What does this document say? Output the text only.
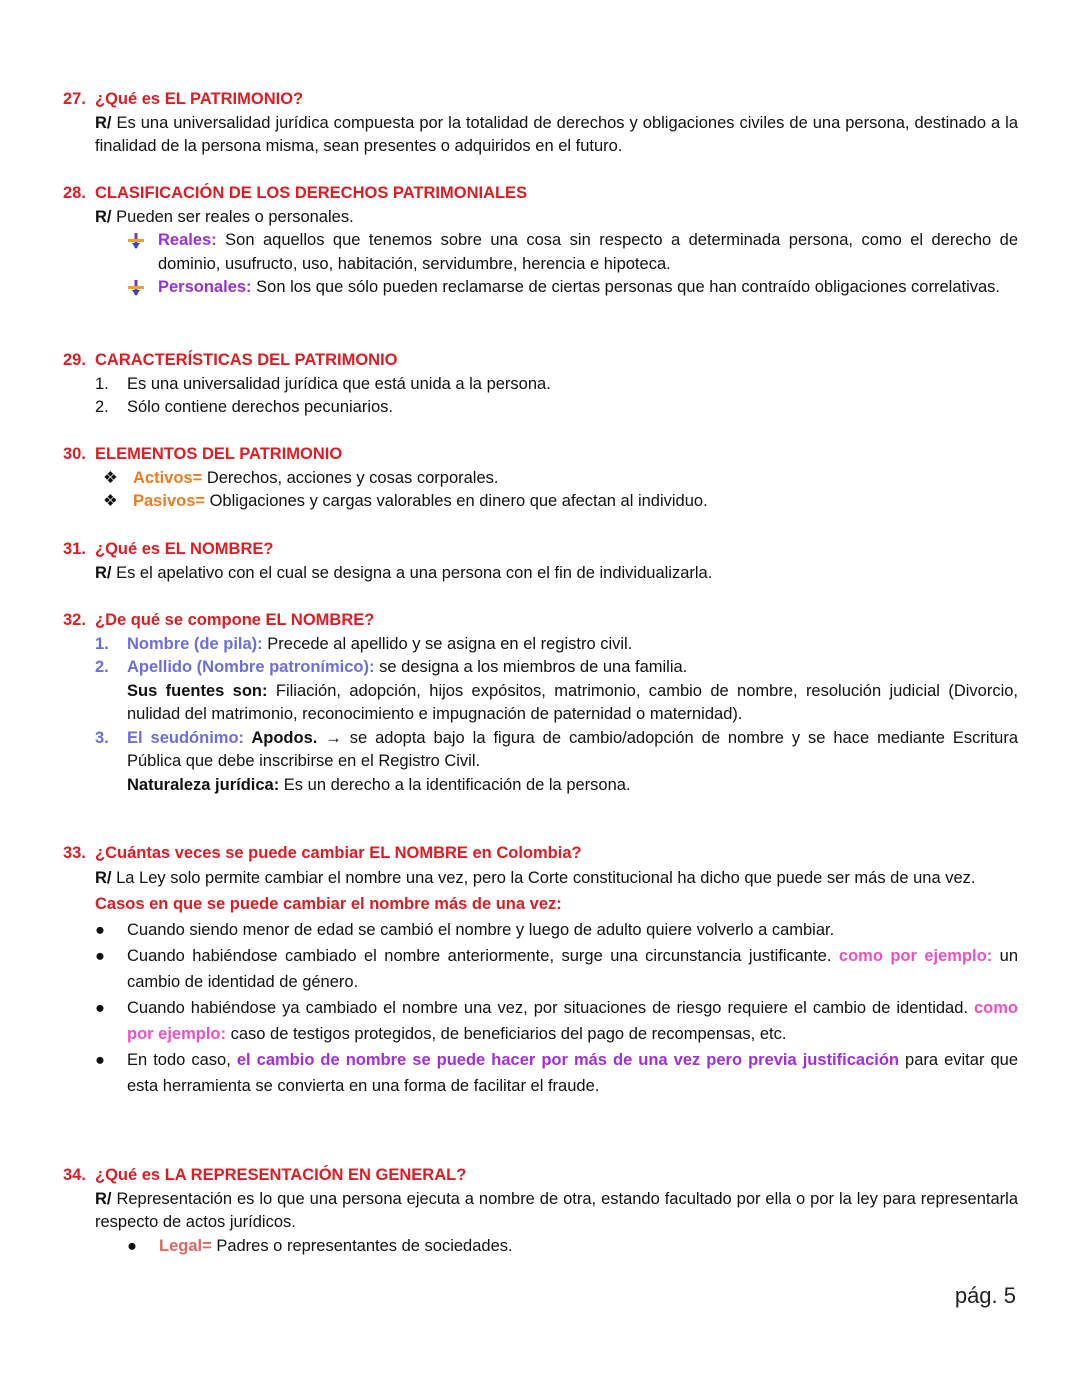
27. ¿Qué es EL PATRIMONIO?
R/ Es una universalidad jurídica compuesta por la totalidad de derechos y obligaciones civiles de una persona, destinado a la finalidad de la persona misma, sean presentes o adquiridos en el futuro.
28. CLASIFICACIÓN DE LOS DERECHOS PATRIMONIALES
R/ Pueden ser reales o personales.
Reales: Son aquellos que tenemos sobre una cosa sin respecto a determinada persona, como el derecho de dominio, usufructo, uso, habitación, servidumbre, herencia e hipoteca.
Personales: Son los que sólo pueden reclamarse de ciertas personas que han contraído obligaciones correlativas.
29. CARACTERÍSTICAS DEL PATRIMONIO
1. Es una universalidad jurídica que está unida a la persona.
2. Sólo contiene derechos pecuniarios.
30. ELEMENTOS DEL PATRIMONIO
❖ Activos= Derechos, acciones y cosas corporales.
❖ Pasivos= Obligaciones y cargas valorables en dinero que afectan al individuo.
31. ¿Qué es EL NOMBRE?
R/ Es el apelativo con el cual se designa a una persona con el fin de individualizarla.
32. ¿De qué se compone EL NOMBRE?
1. Nombre (de pila): Precede al apellido y se asigna en el registro civil.
2. Apellido (Nombre patronímico): se designa a los miembros de una familia.
Sus fuentes son: Filiación, adopción, hijos expósitos, matrimonio, cambio de nombre, resolución judicial (Divorcio, nulidad del matrimonio, reconocimiento e impugnación de paternidad o maternidad).
3. El seudónimo: Apodos. → se adopta bajo la figura de cambio/adopción de nombre y se hace mediante Escritura Pública que debe inscribirse en el Registro Civil.
Naturaleza jurídica: Es un derecho a la identificación de la persona.
33. ¿Cuántas veces se puede cambiar EL NOMBRE en Colombia?
R/ La Ley solo permite cambiar el nombre una vez, pero la Corte constitucional ha dicho que puede ser más de una vez.
Casos en que se puede cambiar el nombre más de una vez:
● Cuando siendo menor de edad se cambió el nombre y luego de adulto quiere volverlo a cambiar.
● Cuando habiéndose cambiado el nombre anteriormente, surge una circunstancia justificante. como por ejemplo: un cambio de identidad de género.
● Cuando habiéndose ya cambiado el nombre una vez, por situaciones de riesgo requiere el cambio de identidad. como por ejemplo: caso de testigos protegidos, de beneficiarios del pago de recompensas, etc.
● En todo caso, el cambio de nombre se puede hacer por más de una vez pero previa justificación para evitar que esta herramienta se convierta en una forma de facilitar el fraude.
34. ¿Qué es LA REPRESENTACIÓN EN GENERAL?
R/ Representación es lo que una persona ejecuta a nombre de otra, estando facultado por ella o por la ley para representarla respecto de actos jurídicos.
● Legal= Padres o representantes de sociedades.
pág. 5
